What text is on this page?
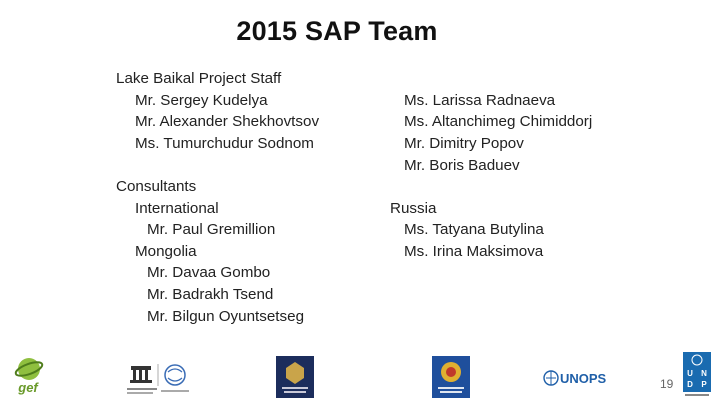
2015 SAP Team
Lake Baikal Project Staff
Mr. Sergey Kudelya
Mr. Alexander Shekhovtsov
Ms. Tumurchudur Sodnom
Consultants
International
Mr. Paul Gremillion
Mongolia
Mr. Davaa Gombo
Mr. Badrakh Tsend
Mr. Bilgun Oyuntsetseg
Ms. Larissa Radnaeva
Ms. Altanchimeg Chimiddorj
Mr. Dimitry Popov
Mr. Boris Baduev
Russia
Ms. Tatyana Butylina
Ms. Irina Maksimova
gef
UNOPS	U N
D P
19
